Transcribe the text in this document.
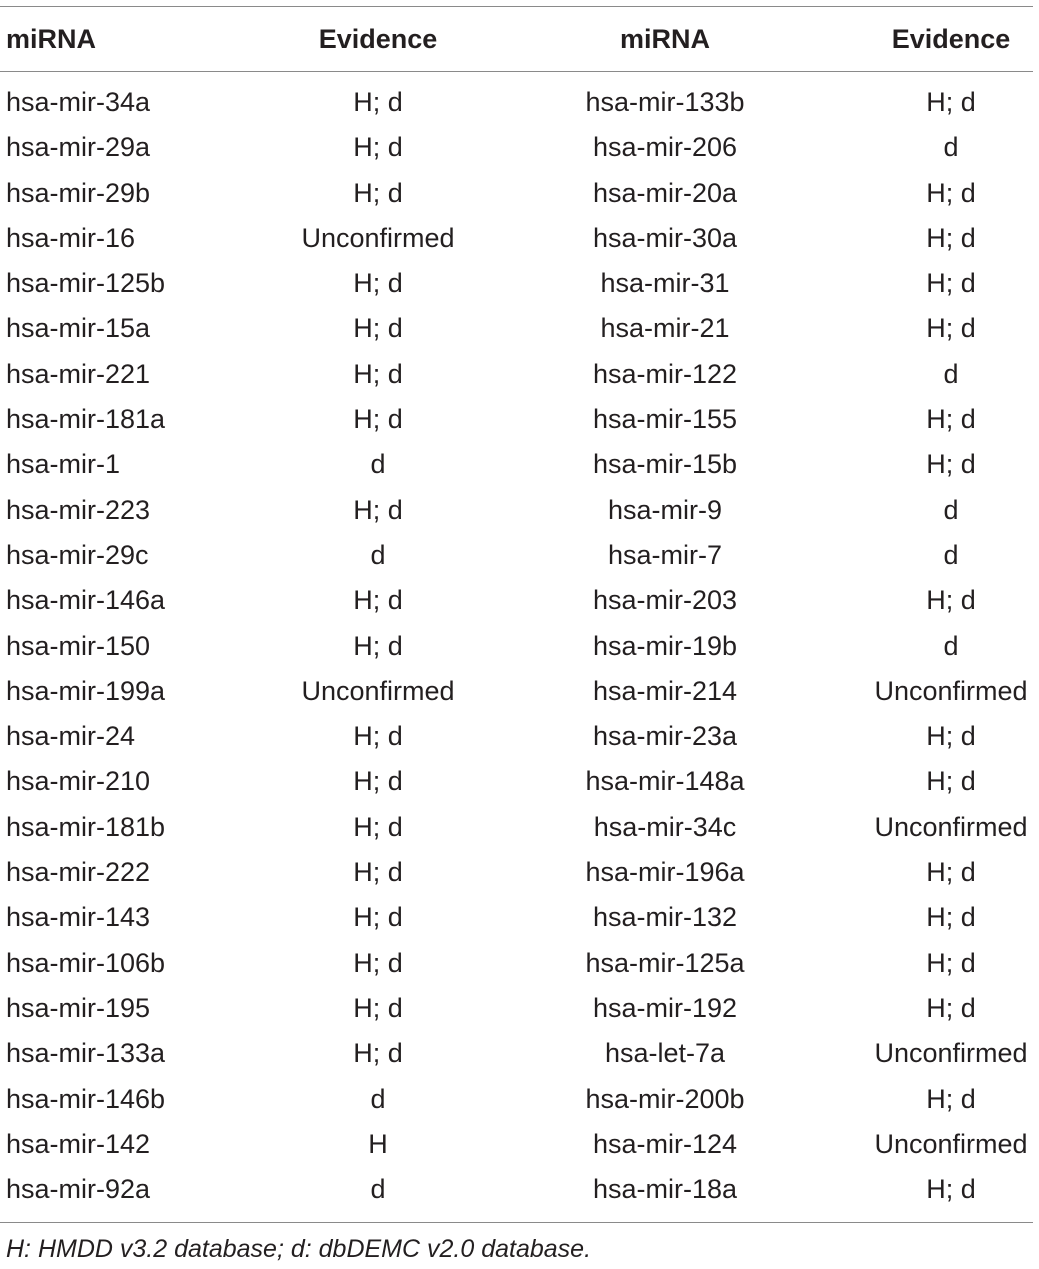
miRNA	Evidence	miRNA	Evidence
hsa-mir-34a	H; d	hsa-mir-133b	H; d
hsa-mir-29a	H; d	hsa-mir-206	d
hsa-mir-29b	H; d	hsa-mir-20a	H; d
hsa-mir-16	Unconfirmed	hsa-mir-30a	H; d
hsa-mir-125b	H; d	hsa-mir-31	H; d
hsa-mir-15a	H; d	hsa-mir-21	H; d
hsa-mir-221	H; d	hsa-mir-122	d
hsa-mir-181a	H; d	hsa-mir-155	H; d
hsa-mir-1	d	hsa-mir-15b	H; d
hsa-mir-223	H; d	hsa-mir-9	d
hsa-mir-29c	d	hsa-mir-7	d
hsa-mir-146a	H; d	hsa-mir-203	H; d
hsa-mir-150	H; d	hsa-mir-19b	d
hsa-mir-199a	Unconfirmed	hsa-mir-214	Unconfirmed
hsa-mir-24	H; d	hsa-mir-23a	H; d
hsa-mir-210	H; d	hsa-mir-148a	H; d
hsa-mir-181b	H; d	hsa-mir-34c	Unconfirmed
hsa-mir-222	H; d	hsa-mir-196a	H; d
hsa-mir-143	H; d	hsa-mir-132	H; d
hsa-mir-106b	H; d	hsa-mir-125a	H; d
hsa-mir-195	H; d	hsa-mir-192	H; d
hsa-mir-133a	H; d	hsa-let-7a	Unconfirmed
hsa-mir-146b	d	hsa-mir-200b	H; d
hsa-mir-142	H	hsa-mir-124	Unconfirmed
hsa-mir-92a	d	hsa-mir-18a	H; d
H: HMDD v3.2 database; d: dbDEMC v2.0 database.
